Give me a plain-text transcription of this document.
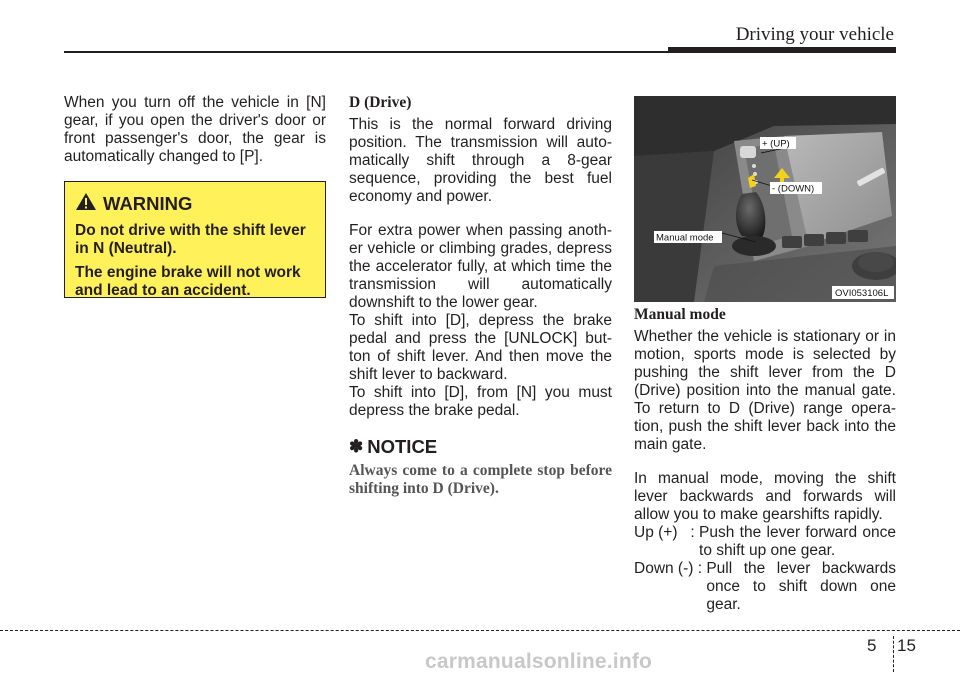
Driving your vehicle

When you turn off the vehicle in [N] gear, if you open the driver's door or front passenger's door, the gear is automatically changed to [P].

WARNING

Do not drive with the shift lever in N (Neutral).

The engine brake will not work and lead to an accident.

D (Drive)

This is the normal forward driving position. The transmission will auto-matically shift through a 8-gear sequence, providing the best fuel economy and power.

For extra power when passing anoth-er vehicle or climbing grades, depress the accelerator fully, at which time the transmission will automatically downshift to the lower gear.

To shift into [D], depress the brake pedal and press the [UNLOCK] but-ton of shift lever. And then move the shift lever to backward.

To shift into [D], from [N] you must depress the brake pedal.

✽ NOTICE

Always come to a complete stop before shifting into D (Drive).

+ (UP)
- (DOWN)
Manual mode
OVI053106L

Manual mode

Whether the vehicle is stationary or in motion, sports mode is selected by pushing the shift lever from the D (Drive) position into the manual gate. To return to D (Drive) range opera-tion, push the shift lever back into the main gate.

In manual mode, moving the shift lever backwards and forwards will allow you to make gearshifts rapidly.

Up (+)   : Push the lever forward once to shift up one gear.
Down (-) : Pull the lever backwards once to shift down one gear.
5 15
carmanualsonline.info
